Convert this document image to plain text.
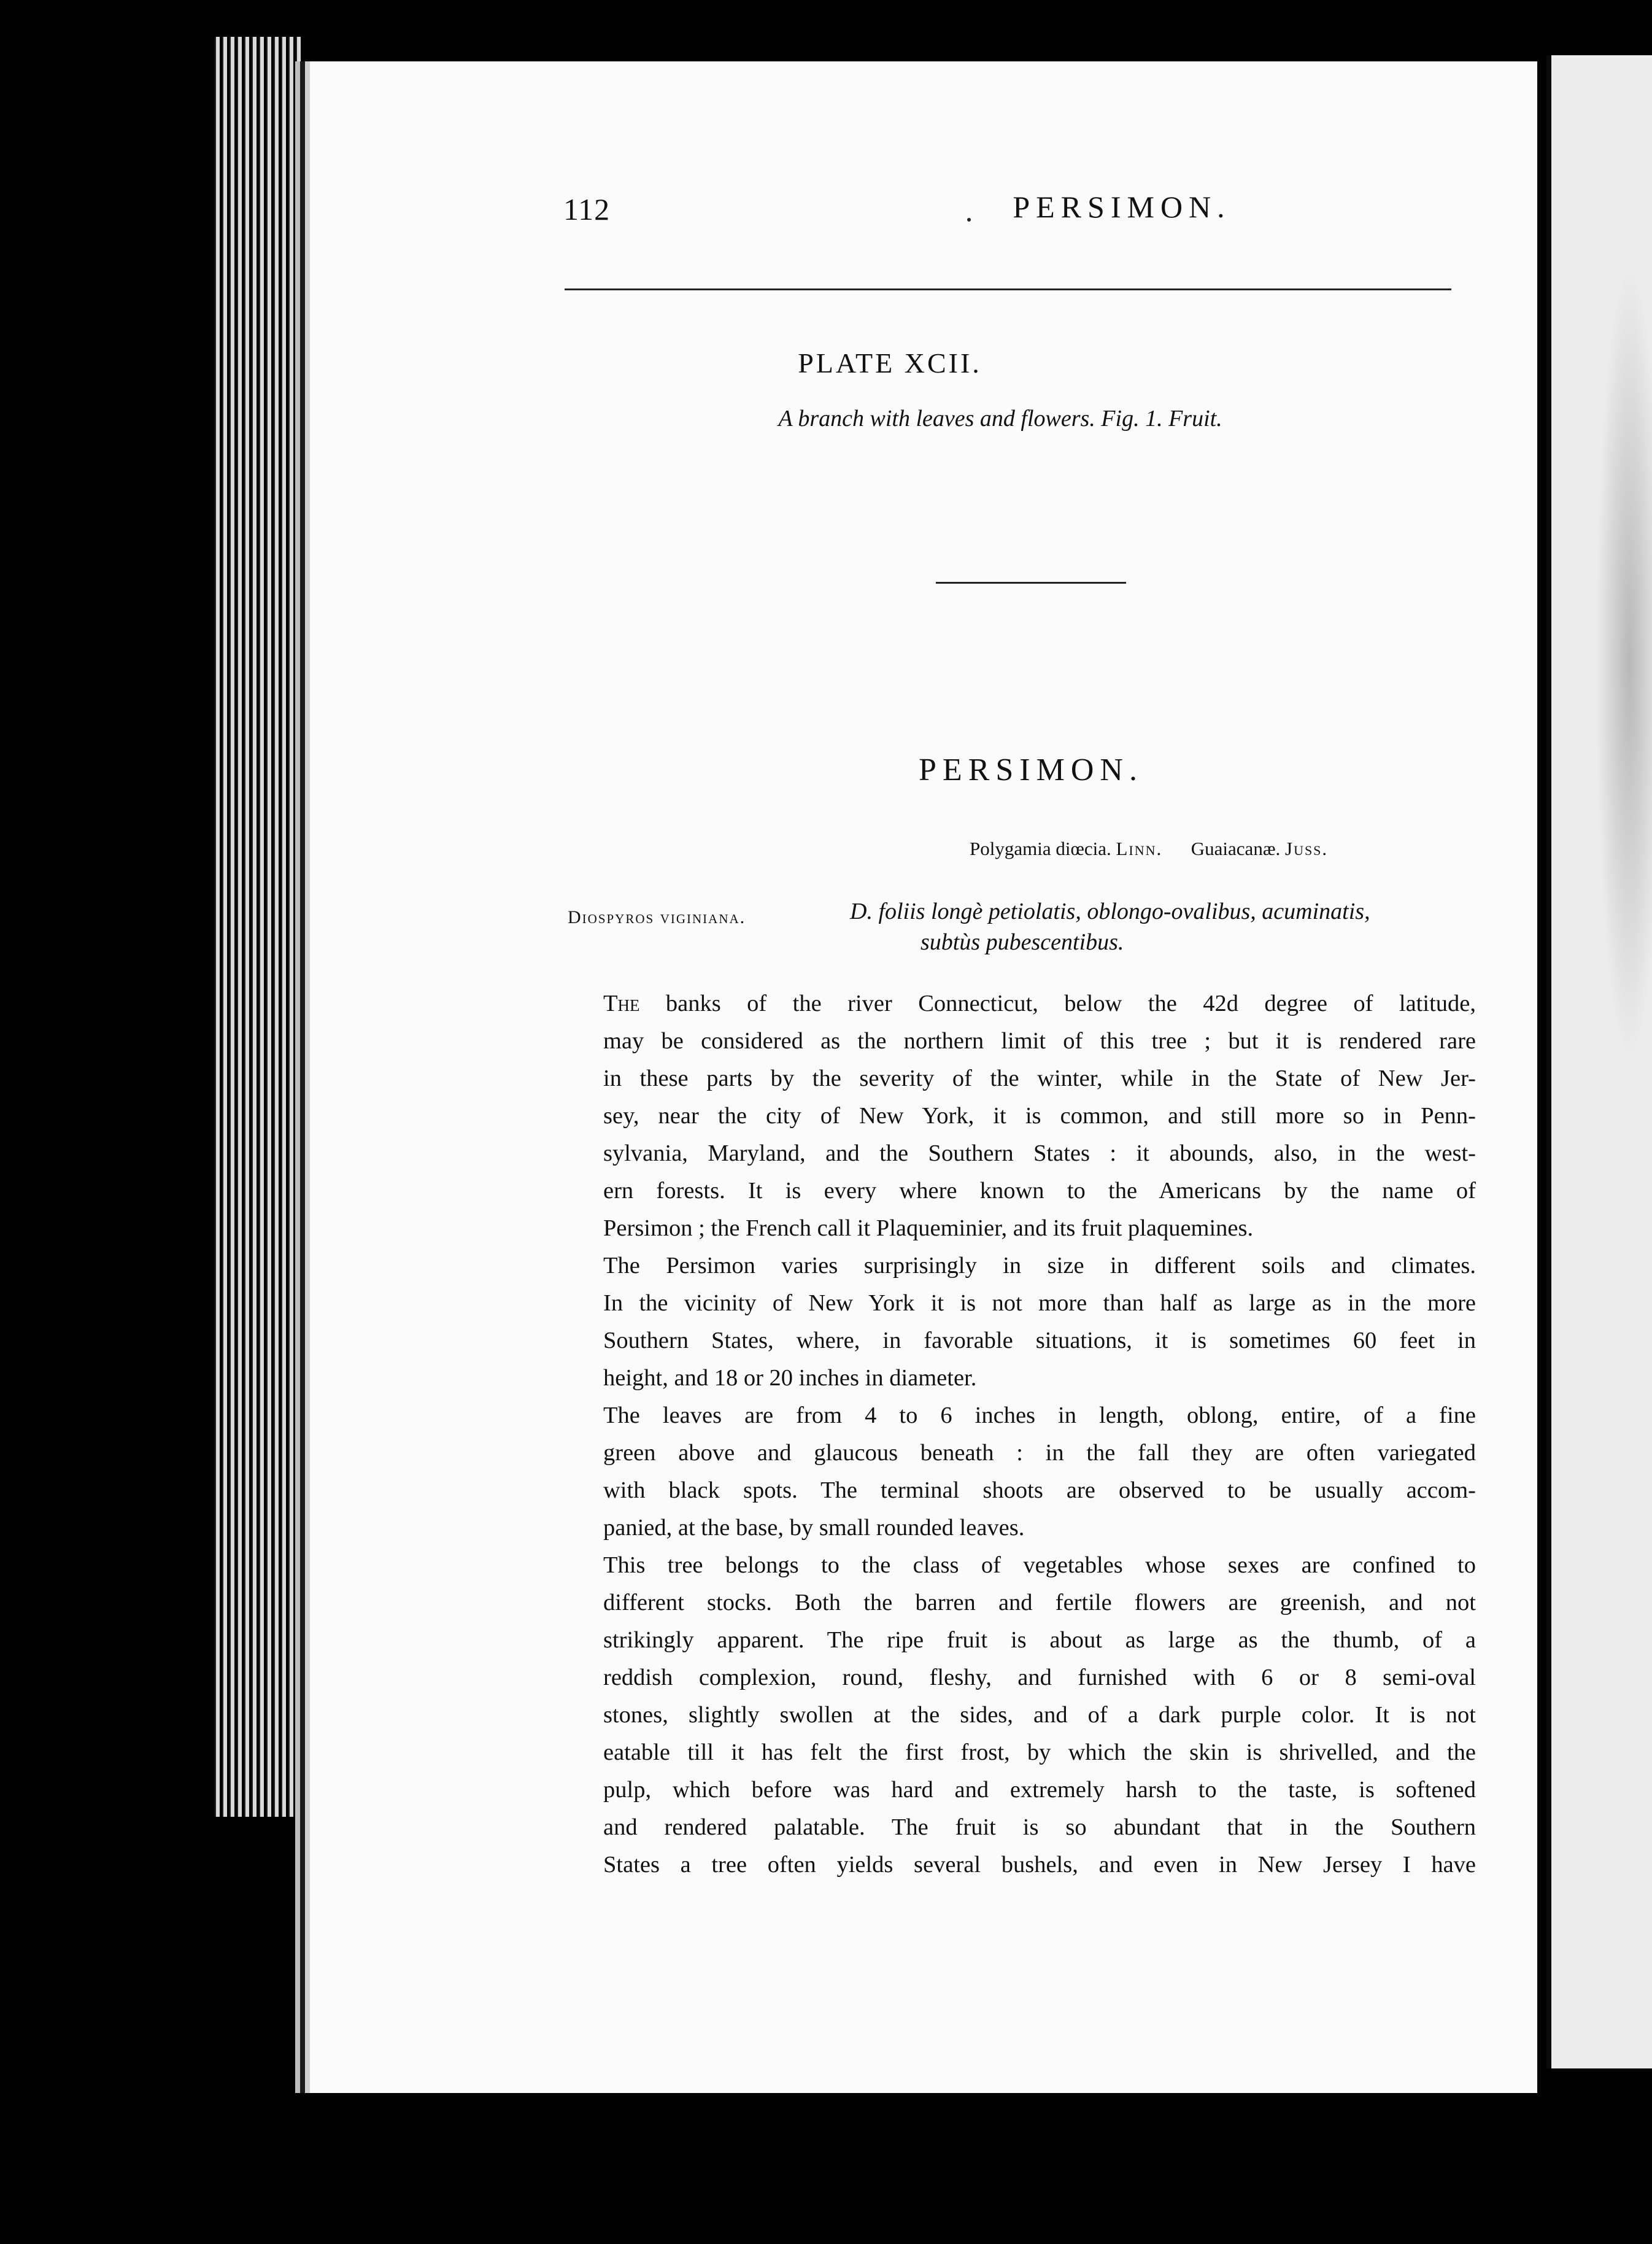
112	PERSIMON.
PLATE XCII.
A branch with leaves and flowers. Fig. 1. Fruit.
PERSIMON.
Polygamia diœcia. Linn. Guaiacanæ. Juss.
Diospyros viginiana.	D. foliis longè petiolatis, oblongo-ovalibus, acuminatis,
subtùs pubescentibus.

The banks of the river Connecticut, below the 42d degree of latitude,
may be considered as the northern limit of this tree ; but it is rendered rare
in these parts by the severity of the winter, while in the State of New Jer-
sey, near the city of New York, it is common, and still more so in Penn-
sylvania, Maryland, and the Southern States : it abounds, also, in the west-
ern forests. It is every where known to the Americans by the name of
Persimon ; the French call it Plaqueminier, and its fruit plaquemines.

The Persimon varies surprisingly in size in different soils and climates.
In the vicinity of New York it is not more than half as large as in the more
Southern States, where, in favorable situations, it is sometimes 60 feet in
height, and 18 or 20 inches in diameter.

The leaves are from 4 to 6 inches in length, oblong, entire, of a fine
green above and glaucous beneath : in the fall they are often variegated
with black spots. The terminal shoots are observed to be usually accom-
panied, at the base, by small rounded leaves.

This tree belongs to the class of vegetables whose sexes are confined to
different stocks. Both the barren and fertile flowers are greenish, and not
strikingly apparent. The ripe fruit is about as large as the thumb, of a
reddish complexion, round, fleshy, and furnished with 6 or 8 semi-oval
stones, slightly swollen at the sides, and of a dark purple color. It is not
eatable till it has felt the first frost, by which the skin is shrivelled, and the
pulp, which before was hard and extremely harsh to the taste, is softened
and rendered palatable. The fruit is so abundant that in the Southern
States a tree often yields several bushels, and even in New Jersey I have
